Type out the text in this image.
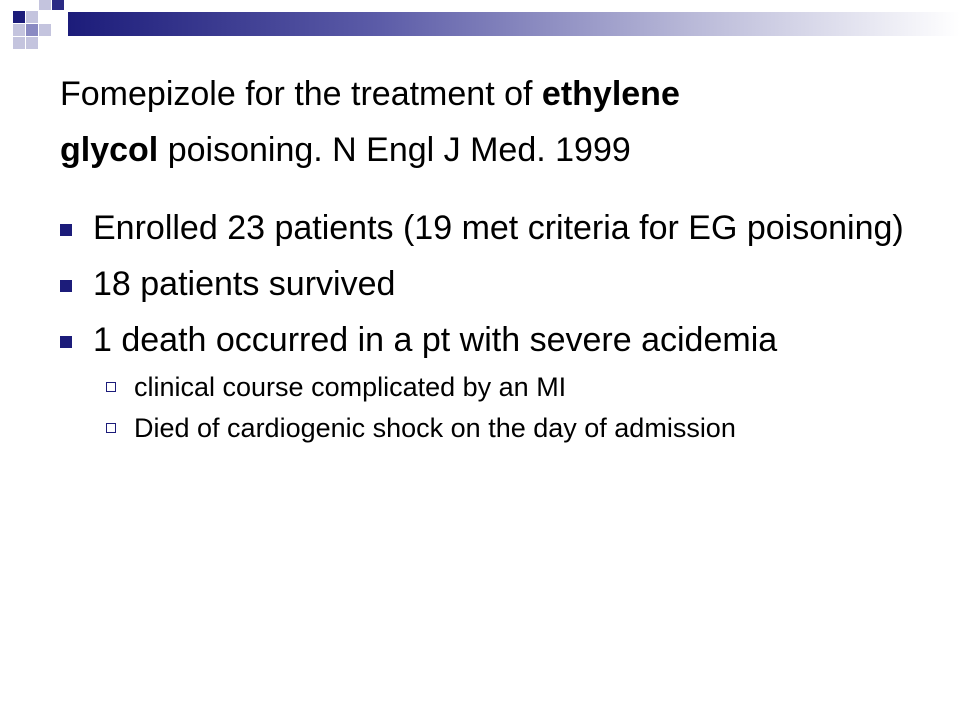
Fomepizole for the treatment of ethylene
glycol poisoning. N Engl J Med. 1999
Enrolled 23 patients (19 met criteria for EG poisoning)
18 patients survived
1 death occurred in a pt with severe acidemia
clinical course complicated by an MI
Died of cardiogenic shock on the day of admission
